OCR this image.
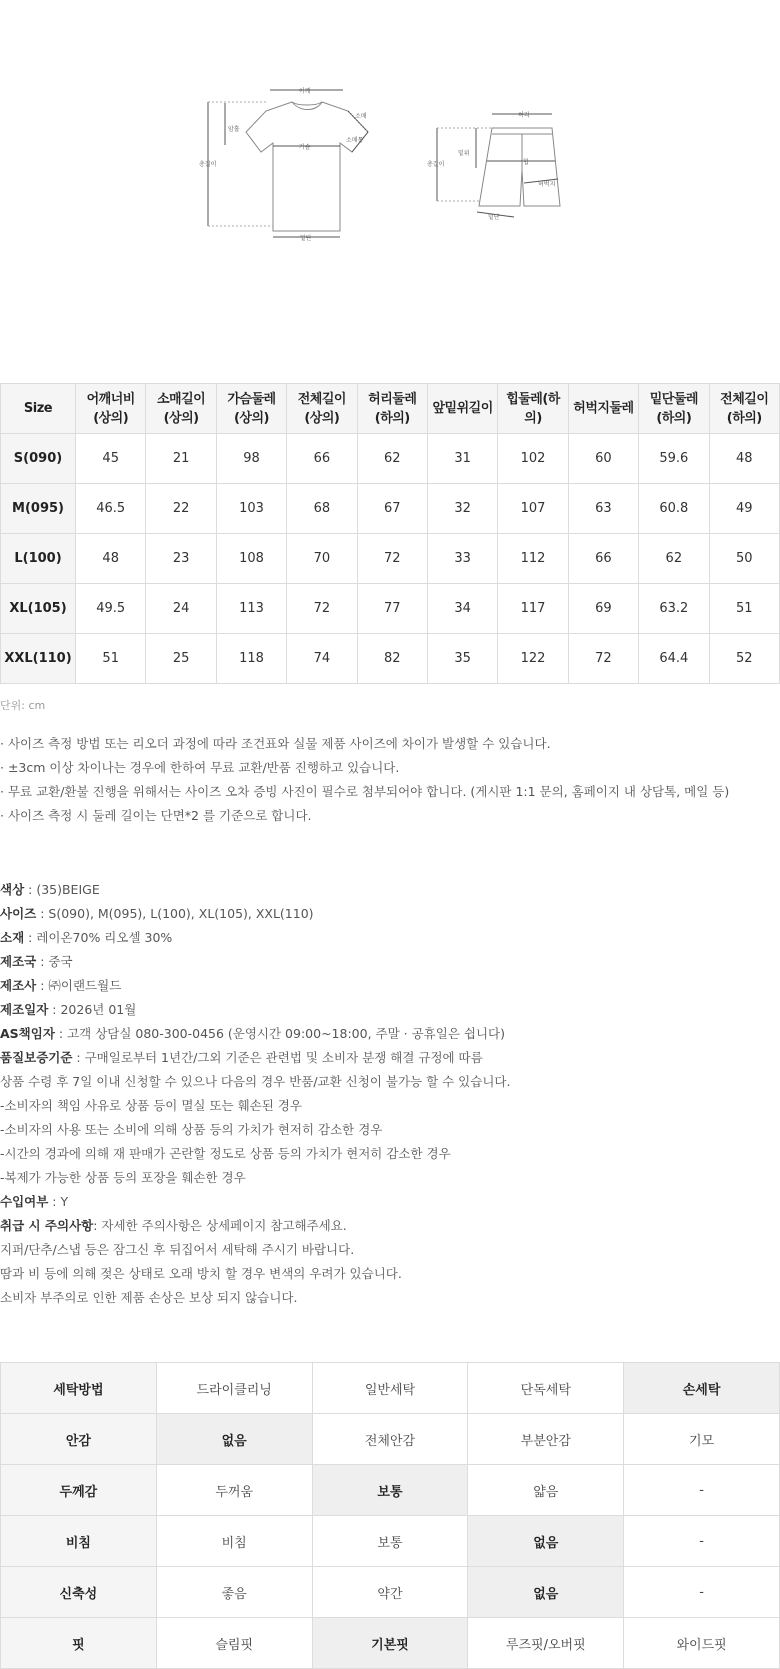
어깨
암홀
소매
소매통
가슴
총길이
밑단
허리
밑위
총길이	힙
허벅지
밑단
Size	어깨너비(상의)	소매길이(상의)	가슴둘레(상의)	전체길이(상의)	허리둘레(하의)	앞밑위길이	힙둘레(하의)	허벅지둘레	밑단둘레(하의)	전체길이(하의)
S(090)	45	21	98	66	62	31	102	60	59.6	48
M(095)	46.5	22	103	68	67	32	107	63	60.8	49
L(100)	48	23	108	70	72	33	112	66	62	50
XL(105)	49.5	24	113	72	77	34	117	69	63.2	51
XXL(110)	51	25	118	74	82	35	122	72	64.4	52
단위: cm
· 사이즈 측정 방법 또는 리오더 과정에 따라 조건표와 실물 제품 사이즈에 차이가 발생할 수 있습니다.
· ±3cm 이상 차이나는 경우에 한하여 무료 교환/반품 진행하고 있습니다.
· 무료 교환/환불 진행을 위해서는 사이즈 오차 증빙 사진이 필수로 첨부되어야 합니다. (게시판 1:1 문의, 홈페이지 내 상담톡, 메일 등)
· 사이즈 측정 시 둘레 길이는 단면*2 를 기준으로 합니다.
색상 : (35)BEIGE
사이즈 : S(090), M(095), L(100), XL(105), XXL(110)
소재 : 레이온70% 리오셀 30%
제조국 : 중국
제조사 : ㈜이랜드월드
제조일자 : 2026년 01월
AS책임자 : 고객 상담실 080-300-0456 (운영시간 09:00~18:00, 주말 · 공휴일은 쉽니다)
품질보증기준 : 구매일로부터 1년간/그외 기준은 관련법 및 소비자 분쟁 해결 규정에 따름
상품 수령 후 7일 이내 신청할 수 있으나 다음의 경우 반품/교환 신청이 불가능 할 수 있습니다.
-소비자의 책임 사유로 상품 등이 멸실 또는 훼손된 경우
-소비자의 사용 또는 소비에 의해 상품 등의 가치가 현저히 감소한 경우
-시간의 경과에 의해 재 판매가 곤란할 정도로 상품 등의 가치가 현저히 감소한 경우
-복제가 가능한 상품 등의 포장을 훼손한 경우
수입여부 : Y
취급 시 주의사항: 자세한 주의사항은 상세페이지 참고해주세요.
지퍼/단추/스냅 등은 잠그신 후 뒤집어서 세탁해 주시기 바랍니다.
땀과 비 등에 의해 젖은 상태로 오래 방치 할 경우 변색의 우려가 있습니다.
소비자 부주의로 인한 제품 손상은 보상 되지 않습니다.
세탁방법	드라이클리닝	일반세탁	단독세탁	손세탁
안감	없음	전체안감	부분안감	기모
두께감	두꺼움	보통	얇음	-
비침	비침	보통	없음	-
신축성	좋음	약간	없음	-
핏	슬림핏	기본핏	루즈핏/오버핏	와이드핏
